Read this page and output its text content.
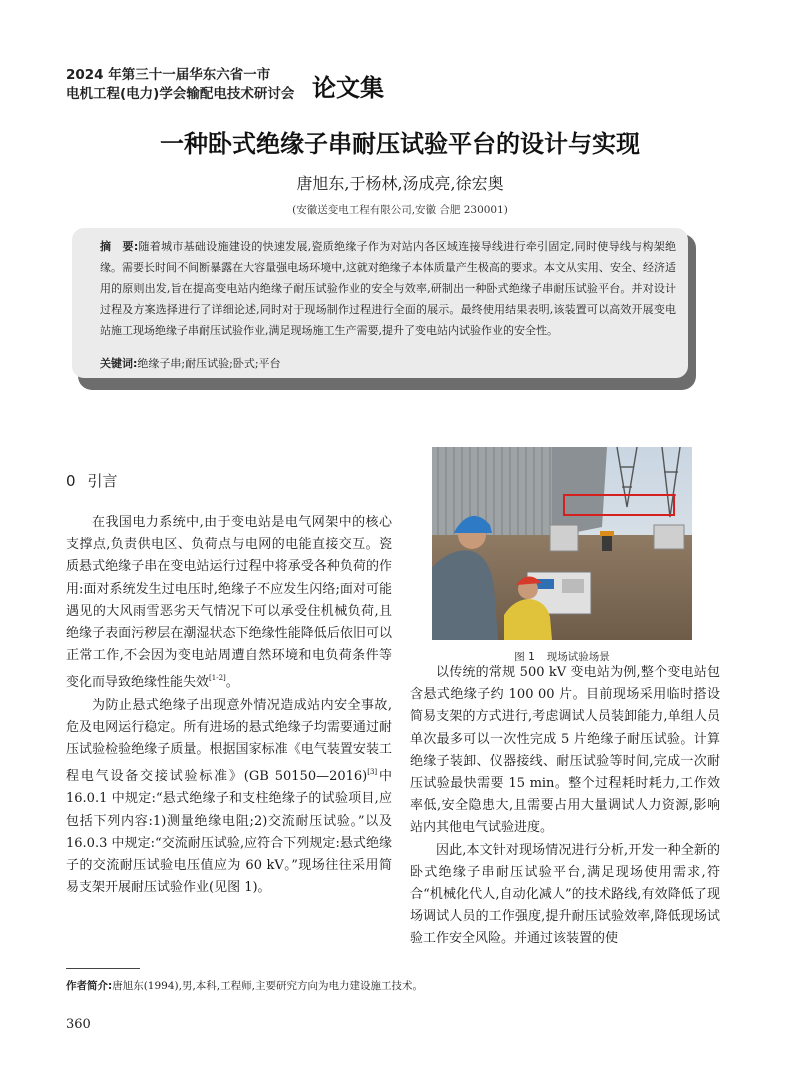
2024 年第三十一届华东六省一市
电机工程(电力)学会输配电技术研讨会 论文集
一种卧式绝缘子串耐压试验平台的设计与实现
唐旭东,于杨林,汤成亮,徐宏奥
(安徽送变电工程有限公司,安徽 合肥 230001)
摘　要:随着城市基础设施建设的快速发展,瓷质绝缘子作为对站内各区域连接导线进行牵引固定,同时使导线与构架绝缘。需要长时间不间断暴露在大容量强电场环境中,这就对绝缘子本体质量产生极高的要求。本文从实用、安全、经济适用的原则出发,旨在提高变电站内绝缘子耐压试验作业的安全与效率,研制出一种卧式绝缘子串耐压试验平台。并对设计过程及方案选择进行了详细论述,同时对于现场制作过程进行全面的展示。最终使用结果表明,该装置可以高效开展变电站施工现场绝缘子串耐压试验作业,满足现场施工生产需要,提升了变电站内试验作业的安全性。
关键词:绝缘子串;耐压试验;卧式;平台
0 引言

在我国电力系统中,由于变电站是电气网架中的核心支撑点,负责供电区、负荷点与电网的电能直接交互。瓷质悬式绝缘子串在变电站运行过程中将承受各种负荷的作用:面对系统发生过电压时,绝缘子不应发生闪络;面对可能遇见的大风雨雪恶劣天气情况下可以承受住机械负荷,且绝缘子表面污秽层在潮湿状态下绝缘性能降低后依旧可以正常工作,不会因为变电站周遭自然环境和电负荷条件等变化而导致绝缘性能失效[1-2]。

为防止悬式绝缘子出现意外情况造成站内安全事故,危及电网运行稳定。所有进场的悬式绝缘子均需要通过耐压试验检验绝缘子质量。根据国家标准《电气装置安装工程电气设备交接试验标准》(GB 50150—2016)[3]中 16.0.1 中规定:“悬式绝缘子和支柱绝缘子的试验项目,应包括下列内容:1)测量绝缘电阻;2)交流耐压试验。”以及 16.0.3 中规定:“交流耐压试验,应符合下列规定:悬式绝缘子的交流耐压试验电压值应为 60 kV。”现场往往采用简易支架开展耐压试验作业(见图 1)。

图 1 现场试验场景

以传统的常规 500 kV 变电站为例,整个变电站包含悬式绝缘子约 100 00 片。目前现场采用临时搭设简易支架的方式进行,考虑调试人员装卸能力,单组人员单次最多可以一次性完成 5 片绝缘子耐压试验。计算绝缘子装卸、仪器接线、耐压试验等时间,完成一次耐压试验最快需要 15 min。整个过程耗时耗力,工作效率低,安全隐患大,且需要占用大量调试人力资源,影响站内其他电气试验进度。

因此,本文针对现场情况进行分析,开发一种全新的卧式绝缘子串耐压试验平台,满足现场使用需求,符合“机械化代人,自动化减人”的技术路线,有效降低了现场调试人员的工作强度,提升耐压试验效率,降低现场试验工作安全风险。并通过该装置的使

作者简介:唐旭东(1994),男,本科,工程师,主要研究方向为电力建设施工技术。
360
